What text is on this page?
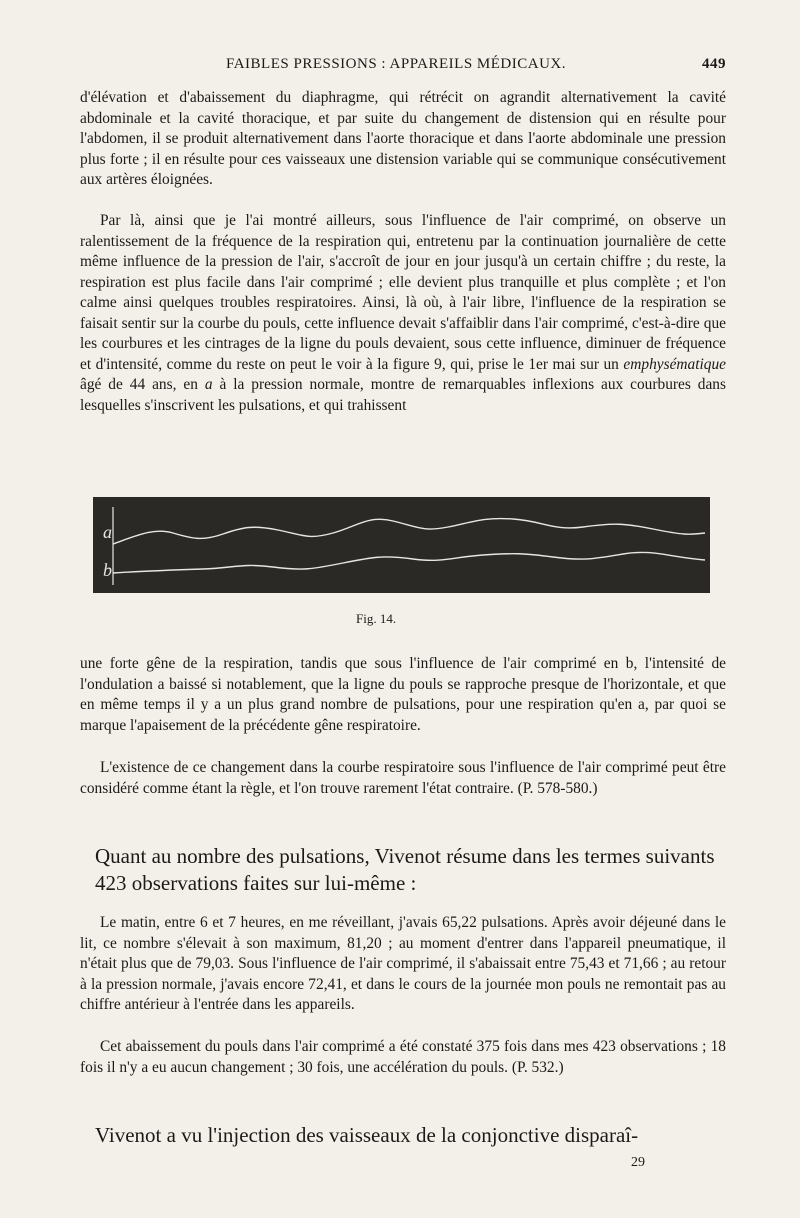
FAIBLES PRESSIONS : APPAREILS MÉDICAUX.	449

d'élévation et d'abaissement du diaphragme, qui rétrécit on agrandit alternativement la cavité abdominale et la cavité thoracique, et par suite du changement de distension qui en résulte pour l'abdomen, il se produit alternativement dans l'aorte thoracique et dans l'aorte abdominale une pression plus forte ; il en résulte pour ces vaisseaux une distension variable qui se communique consécutivement aux artères éloignées.

Par là, ainsi que je l'ai montré ailleurs, sous l'influence de l'air comprimé, on observe un ralentissement de la fréquence de la respiration qui, entretenu par la continuation journalière de cette même influence de la pression de l'air, s'accroît de jour en jour jusqu'à un certain chiffre ; du reste, la respiration est plus facile dans l'air comprimé ; elle devient plus tranquille et plus complète ; et l'on calme ainsi quelques troubles respiratoires. Ainsi, là où, à l'air libre, l'influence de la respiration se faisait sentir sur la courbe du pouls, cette influence devait s'affaiblir dans l'air comprimé, c'est-à-dire que les courbures et les cintrages de la ligne du pouls devaient, sous cette influence, diminuer de fréquence et d'intensité, comme du reste on peut le voir à la figure 9, qui, prise le 1er mai sur un emphysématique âgé de 44 ans, en a à la pression normale, montre de remarquables inflexions aux courbures dans lesquelles s'inscrivent les pulsations, et qui trahissent

a
b
Fig. 14.

une forte gêne de la respiration, tandis que sous l'influence de l'air comprimé en b, l'intensité de l'ondulation a baissé si notablement, que la ligne du pouls se rapproche presque de l'horizontale, et que en même temps il y a un plus grand nombre de pulsations, pour une respiration qu'en a, par quoi se marque l'apaisement de la précédente gêne respiratoire.

L'existence de ce changement dans la courbe respiratoire sous l'influence de l'air comprimé peut être considéré comme étant la règle, et l'on trouve rarement l'état contraire. (P. 578-580.)

Quant au nombre des pulsations, Vivenot résume dans les termes suivants 423 observations faites sur lui-même :

Le matin, entre 6 et 7 heures, en me réveillant, j'avais 65,22 pulsations. Après avoir déjeuné dans le lit, ce nombre s'élevait à son maximum, 81,20 ; au moment d'entrer dans l'appareil pneumatique, il n'était plus que de 79,03. Sous l'influence de l'air comprimé, il s'abaissait entre 75,43 et 71,66 ; au retour à la pression normale, j'avais encore 72,41, et dans le cours de la journée mon pouls ne remontait pas au chiffre antérieur à l'entrée dans les appareils.

Cet abaissement du pouls dans l'air comprimé a été constaté 375 fois dans mes 423 observations ; 18 fois il n'y a eu aucun changement ; 30 fois, une accélération du pouls. (P. 532.)

Vivenot a vu l'injection des vaisseaux de la conjonctive disparaî-

29
